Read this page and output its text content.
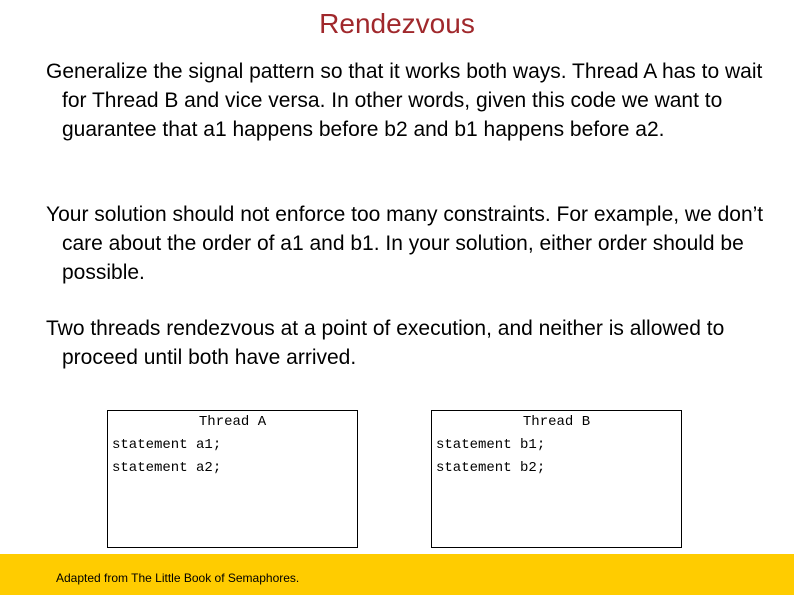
Rendezvous
Generalize the signal pattern so that it works both ways. Thread A has to wait for Thread B and vice versa. In other words, given this code we want to guarantee that a1 happens before b2 and b1 happens before a2.
Your solution should not enforce too many constraints. For example, we don’t care about the order of a1 and b1. In your solution, either order should be possible.
Two threads rendezvous at a point of execution, and neither is allowed to proceed until both have arrived.
Thread A
statement a1;
statement a2;
Thread B
statement b1;
statement b2;
Adapted from The Little Book of Semaphores.
